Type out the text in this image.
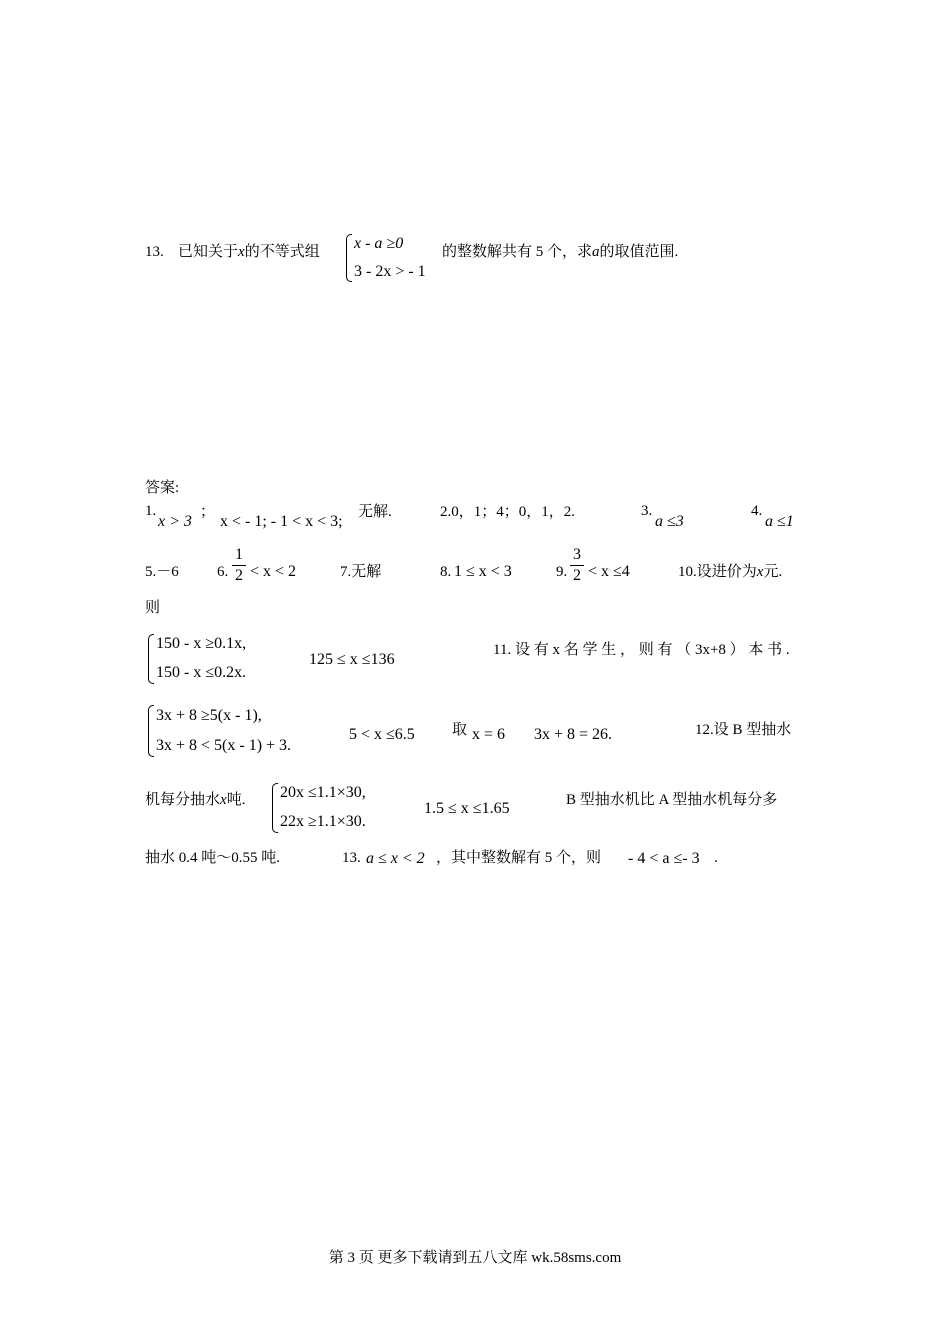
13. 已知关于x的不等式组 x - a ≥0
3 - 2x > - 1
的整数解共有 5 个，求a的取值范围.
答案:
1.
x > 3
；
x < - 1; - 1 < x < 3;
无解.	2.0，1；4；0，1，2.	3.
a ≤3
4.
a ≤1
5.－6	6.
1
2 < x < 2	7.无解	8. 1 ≤ x < 3	9.
3
2 < x ≤4	10.设进价为x元.
则
150 - x ≥0.1x,
150 - x ≤0.2x.
125 ≤ x ≤136
11. 设 有 x 名 学 生 ， 则 有 （ 3x+8 ） 本 书 .
3x + 8 ≥5(x - 1),
3x + 8 < 5(x - 1) + 3.
5 < x ≤6.5 取 x = 6 3x + 8 = 26.	12.设 B 型抽水
机每分抽水x吨. 20x ≤1.1×30,
22x ≥1.1×30.
1.5 ≤ x ≤1.65	B 型抽水机比 A 型抽水机每分多
抽水 0.4 吨～0.55 吨.	13. a ≤ x < 2 ，其中整数解有 5 个，则 - 4 < a ≤- 3 .
第 3 页 更多下载请到五八文库 wk.58sms.com
